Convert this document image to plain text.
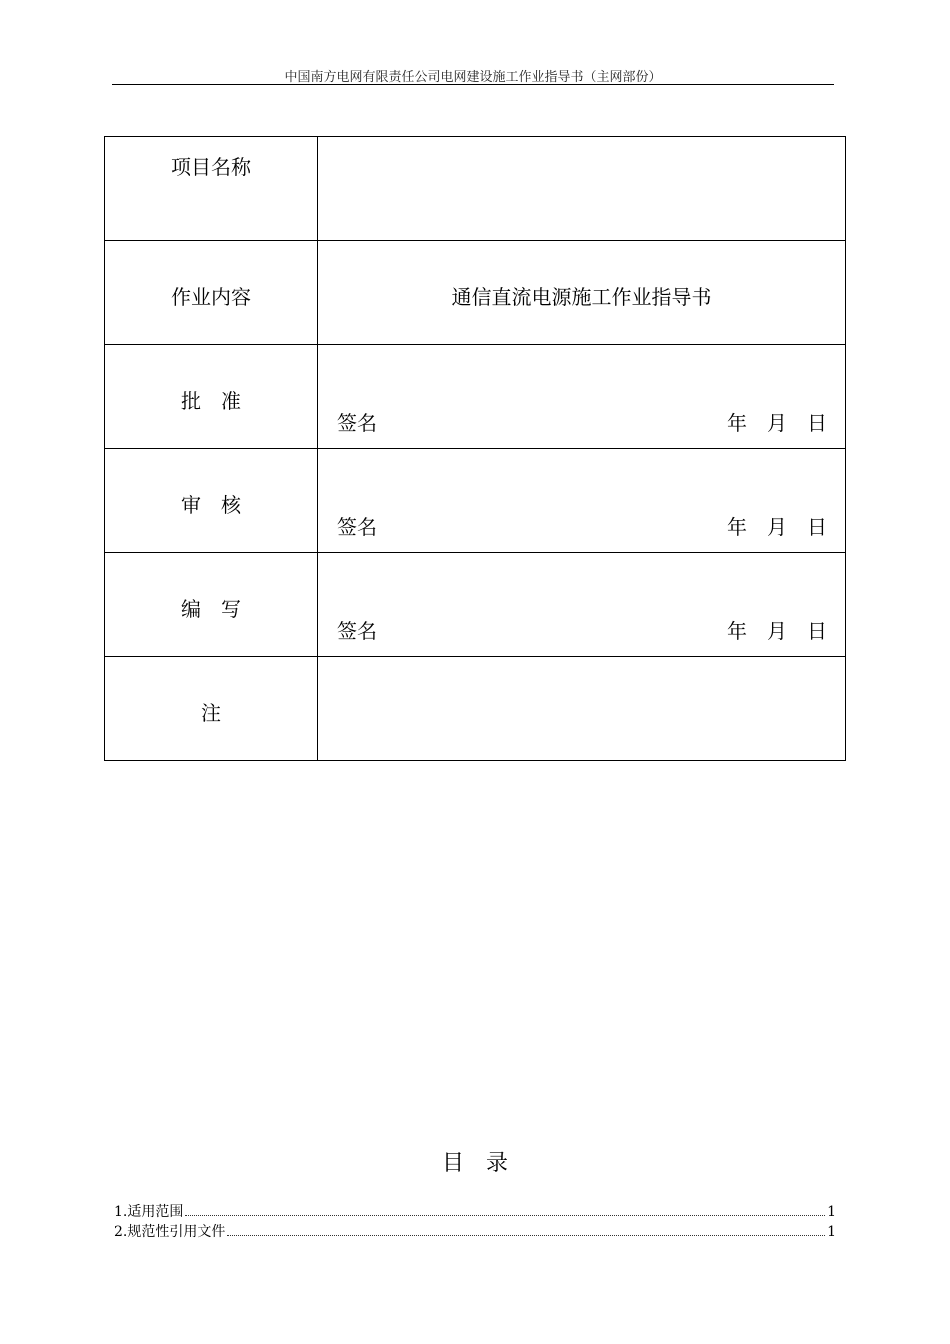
中国南方电网有限责任公司电网建设施工作业指导书（主网部份）
项目名称	

作业内容	通信直流电源施工作业指导书

批　准	签名 年　月　日

审　核	签名 年　月　日

编　写	签名 年　月　日

注	

目　录
1.适用范围	1
2.规范性引用文件	1
